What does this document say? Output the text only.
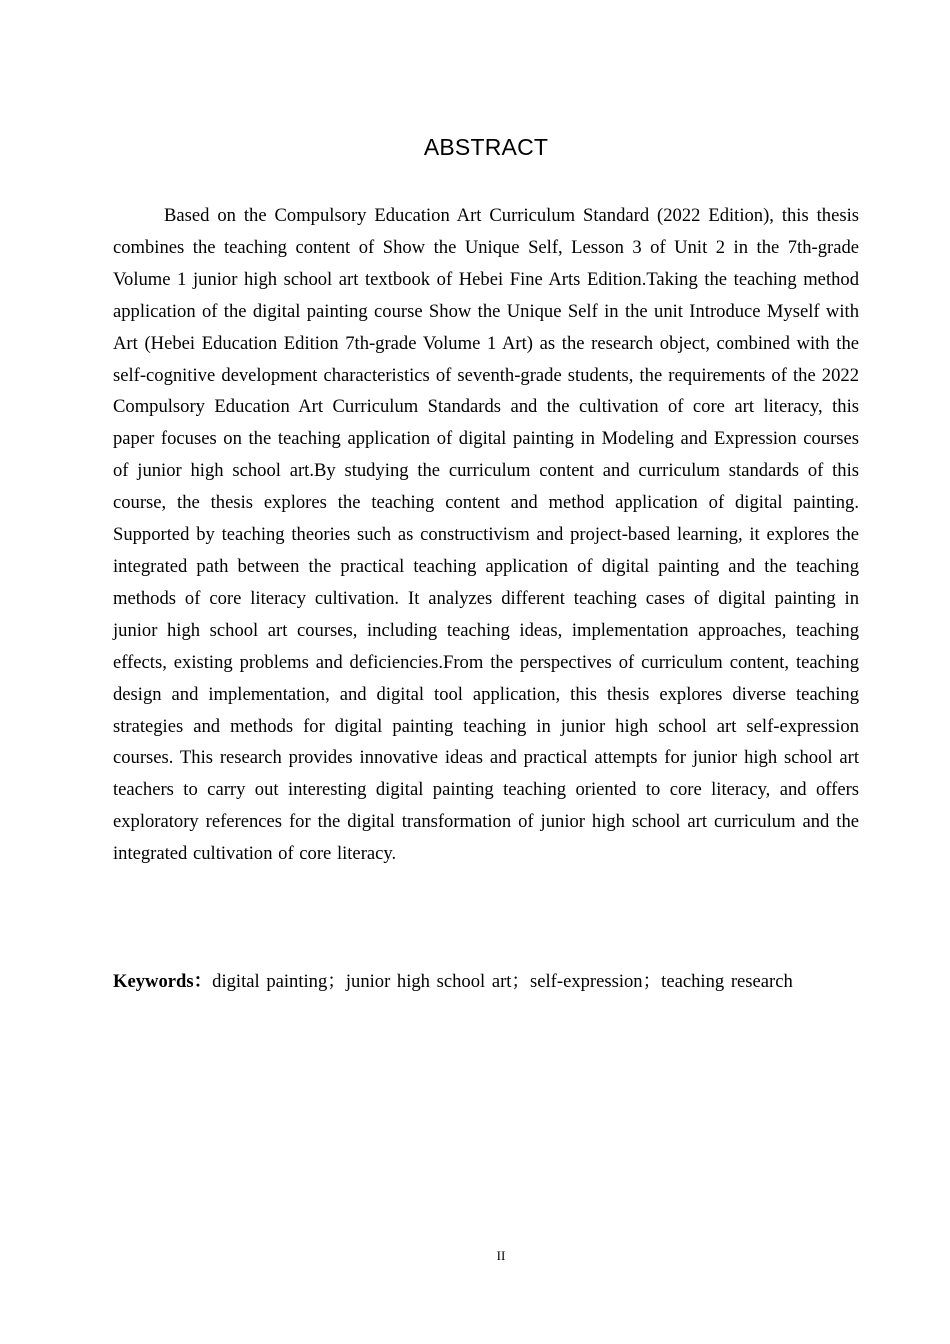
ABSTRACT

Based on the Compulsory Education Art Curriculum Standard (2022 Edition), this thesis combines the teaching content of Show the Unique Self, Lesson 3 of Unit 2 in the 7th-grade Volume 1 junior high school art textbook of Hebei Fine Arts Edition.Taking the teaching method application of the digital painting course Show the Unique Self in the unit Introduce Myself with Art (Hebei Education Edition 7th-grade Volume 1 Art) as the research object, combined with the self-cognitive development characteristics of seventh-grade students, the requirements of the 2022 Compulsory Education Art Curriculum Standards and the cultivation of core art literacy, this paper focuses on the teaching application of digital painting in Modeling and Expression courses of junior high school art.By studying the curriculum content and curriculum standards of this course, the thesis explores the teaching content and method application of digital painting. Supported by teaching theories such as constructivism and project-based learning, it explores the integrated path between the practical teaching application of digital painting and the teaching methods of core literacy cultivation. It analyzes different teaching cases of digital painting in junior high school art courses, including teaching ideas, implementation approaches, teaching effects, existing problems and deficiencies.From the perspectives of curriculum content, teaching design and implementation, and digital tool application, this thesis explores diverse teaching strategies and methods for digital painting teaching in junior high school art self-expression courses. This research provides innovative ideas and practical attempts for junior high school art teachers to carry out interesting digital painting teaching oriented to core literacy, and offers exploratory references for the digital transformation of junior high school art curriculum and the integrated cultivation of core literacy.

Keywords：digital painting；junior high school art；self-expression；teaching research

II
